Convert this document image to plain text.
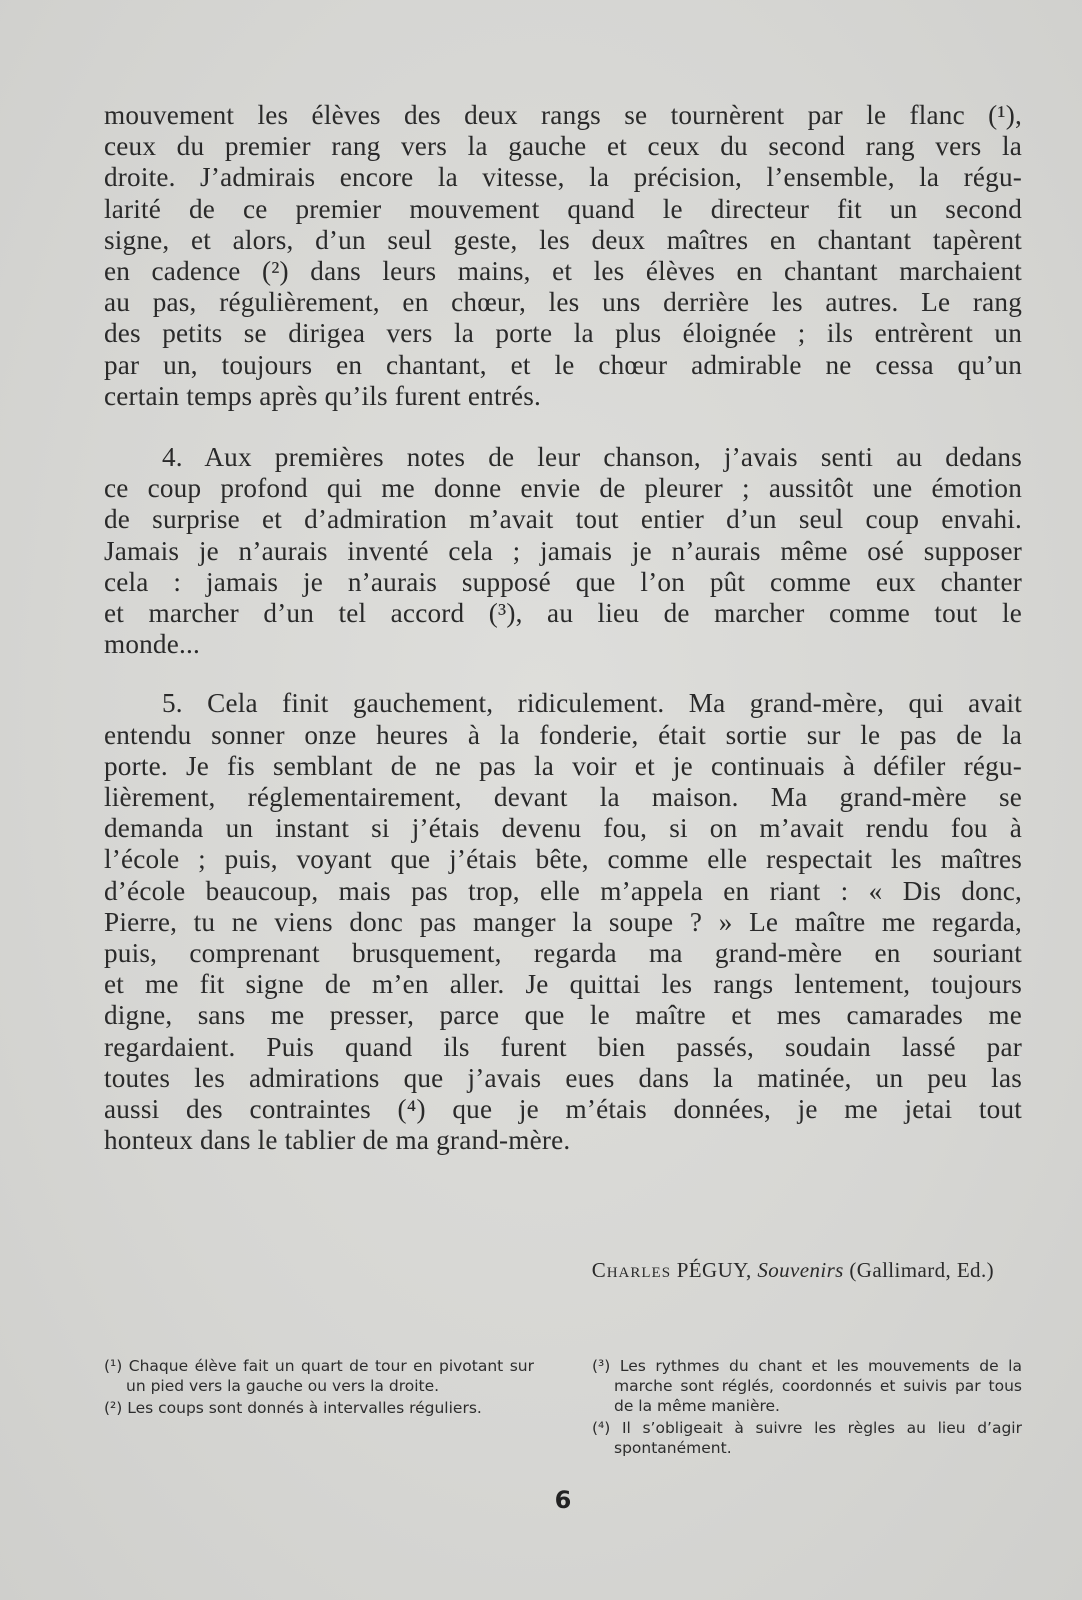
mouvement les élèves des deux rangs se tournèrent par le flanc (¹),
ceux du premier rang vers la gauche et ceux du second rang vers la
droite. J’admirais encore la vitesse, la précision, l’ensemble, la régu-
larité de ce premier mouvement quand le directeur fit un second
signe, et alors, d’un seul geste, les deux maîtres en chantant tapèrent
en cadence (²) dans leurs mains, et les élèves en chantant marchaient
au pas, régulièrement, en chœur, les uns derrière les autres. Le rang
des petits se dirigea vers la porte la plus éloignée ; ils entrèrent un
par un, toujours en chantant, et le chœur admirable ne cessa qu’un
certain temps après qu’ils furent entrés.
4. Aux premières notes de leur chanson, j’avais senti au dedans
ce coup profond qui me donne envie de pleurer ; aussitôt une émotion
de surprise et d’admiration m’avait tout entier d’un seul coup envahi.
Jamais je n’aurais inventé cela ; jamais je n’aurais même osé supposer
cela : jamais je n’aurais supposé que l’on pût comme eux chanter
et marcher d’un tel accord (³), au lieu de marcher comme tout le
monde...
5. Cela finit gauchement, ridiculement. Ma grand-mère, qui avait
entendu sonner onze heures à la fonderie, était sortie sur le pas de la
porte. Je fis semblant de ne pas la voir et je continuais à défiler régu-
lièrement, réglementairement, devant la maison. Ma grand-mère se
demanda un instant si j’étais devenu fou, si on m’avait rendu fou à
l’école ; puis, voyant que j’étais bête, comme elle respectait les maîtres
d’école beaucoup, mais pas trop, elle m’appela en riant : « Dis donc,
Pierre, tu ne viens donc pas manger la soupe ? » Le maître me regarda,
puis, comprenant brusquement, regarda ma grand-mère en souriant
et me fit signe de m’en aller. Je quittai les rangs lentement, toujours
digne, sans me presser, parce que le maître et mes camarades me
regardaient. Puis quand ils furent bien passés, soudain lassé par
toutes les admirations que j’avais eues dans la matinée, un peu las
aussi des contraintes (⁴) que je m’étais données, je me jetai tout
honteux dans le tablier de ma grand-mère.
Charles PÉGUY, Souvenirs (Gallimard, Ed.)

(¹) Chaque élève fait un quart de tour en pivotant sur un pied vers la gauche ou vers la droite.

(²) Les coups sont donnés à intervalles réguliers.

(³) Les rythmes du chant et les mouvements de la marche sont réglés, coordonnés et suivis par tous de la même manière.

(⁴) Il s’obligeait à suivre les règles au lieu d’agir spontanément.

6
